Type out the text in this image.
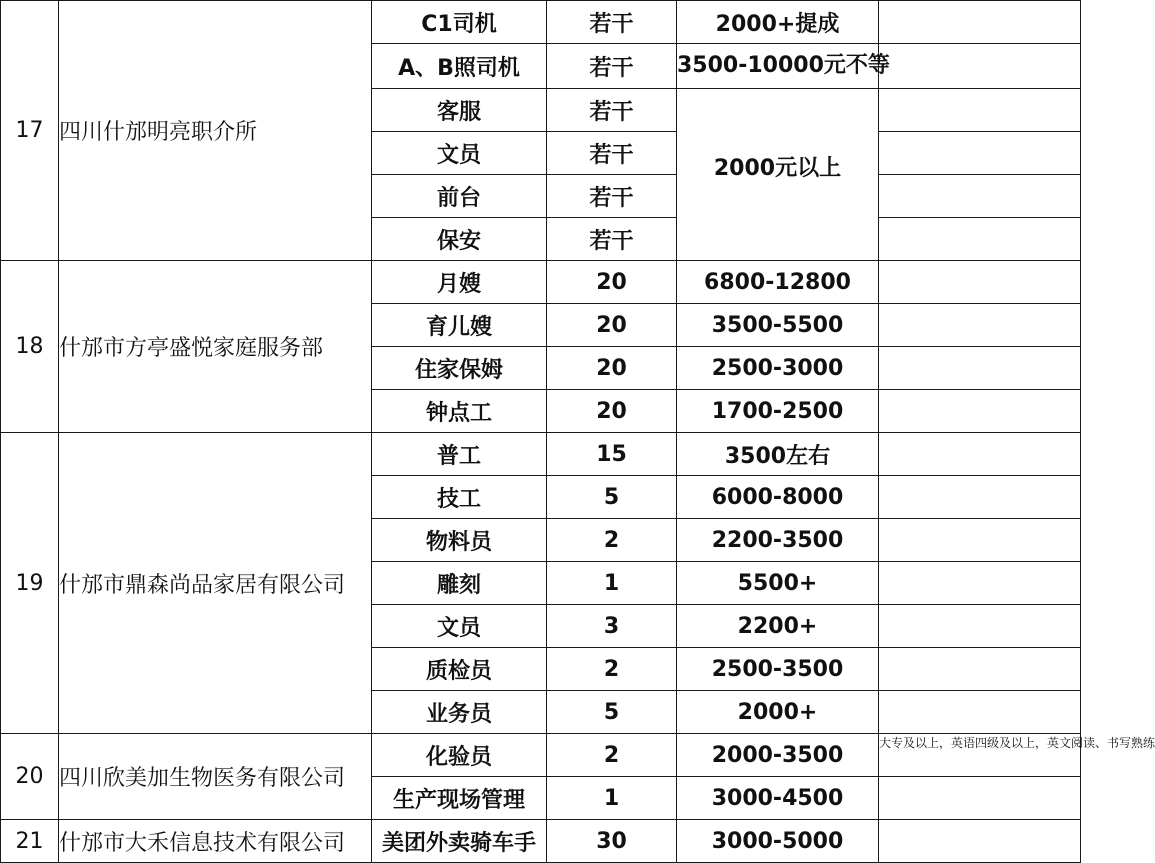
17	四川什邡明亮职介所	C1司机	若干	2000+提成	
		A、B照司机	若干	3500-10000元不等	
		客服	若干	2000元以上	
		文员	若干		
		前台	若干		
		保安	若干		
18	什邡市方亭盛悦家庭服务部	月嫂	20	6800-12800	
		育儿嫂	20	3500-5500	
		住家保姆	20	2500-3000	
		钟点工	20	1700-2500	
19	什邡市鼎森尚品家居有限公司	普工	15	3500左右	
		技工	5	6000-8000	
		物料员	2	2200-3500	
		雕刻	1	5500+	
		文员	3	2200+	
		质检员	2	2500-3500	
		业务员	5	2000+	
20	四川欣美加生物医务有限公司	化验员	2	2000-3500	大专及以上，英语四级及以上，英文阅读、书写熟练
		生产现场管理	1	3000-4500	
21	什邡市大禾信息技术有限公司	美团外卖骑车手	30	3000-5000	
